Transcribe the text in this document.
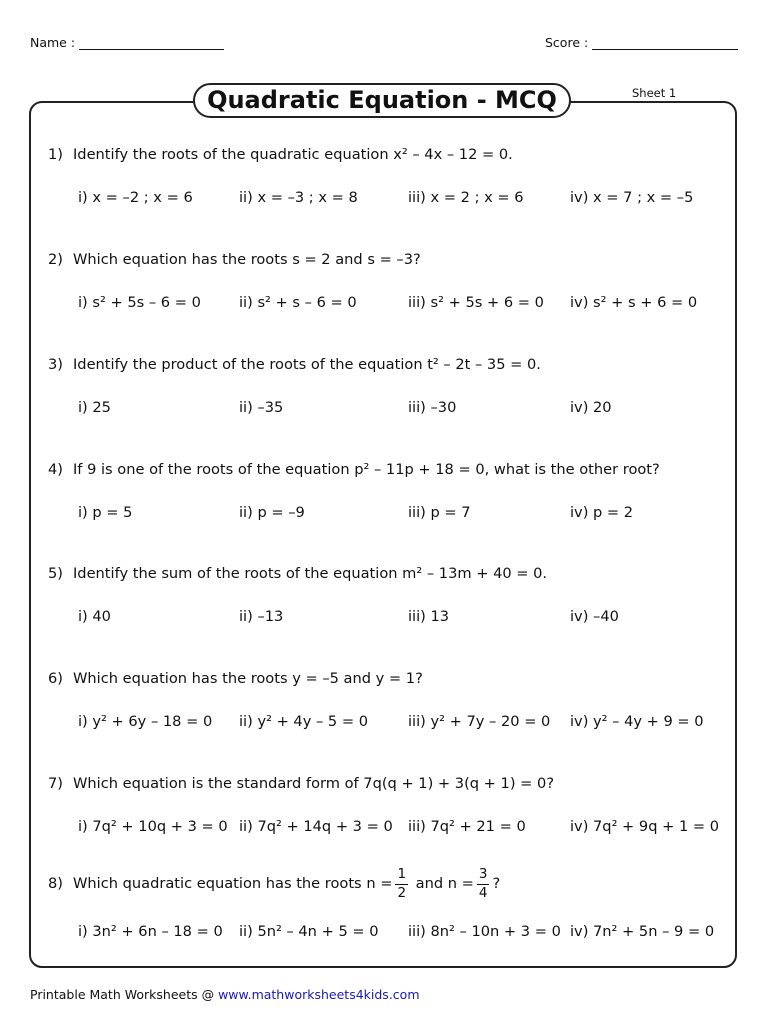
Name :	Score :
Quadratic Equation - MCQ	Sheet 1
1) Identify the roots of the quadratic equation x² – 4x – 12 = 0.
i) x = –2 ; x = 6	ii) x = –3 ; x = 8	iii) x = 2 ; x = 6	iv) x = 7 ; x = –5
2) Which equation has the roots s = 2 and s = –3?
i) s² + 5s – 6 = 0	ii) s² + s – 6 = 0	iii) s² + 5s + 6 = 0 iv) s² + s + 6 = 0
3) Identify the product of the roots of the equation t² – 2t – 35 = 0.
i) 25	ii) –35	iii) –30	iv) 20
4) If 9 is one of the roots of the equation p² – 11p + 18 = 0, what is the other root?
i) p = 5	ii) p = –9	iii) p = 7	iv) p = 2
5) Identify the sum of the roots of the equation m² – 13m + 40 = 0.
i) 40	ii) –13	iii) 13	iv) –40
6) Which equation has the roots y = –5 and y = 1?
i) y² + 6y – 18 = 0 ii) y² + 4y – 5 = 0	iii) y² + 7y – 20 = 0 iv) y² – 4y + 9 = 0
7) Which equation is the standard form of 7q(q + 1) + 3(q + 1) = 0?
i) 7q² + 10q + 3 = 0 ii) 7q² + 14q + 3 = 0 iii) 7q² + 21 = 0	iv) 7q² + 9q + 1 = 0
8) Which quadratic equation has the roots $n = \frac{1}{2}$ and $n = \frac{3}{4}$ ?
i) 3n² + 6n – 18 = 0 ii) 5n² – 4n + 5 = 0 iii) 8n² – 10n + 3 = 0 iv) 7n² + 5n – 9 = 0
Printable Math Worksheets @ www.mathworksheets4kids.com
